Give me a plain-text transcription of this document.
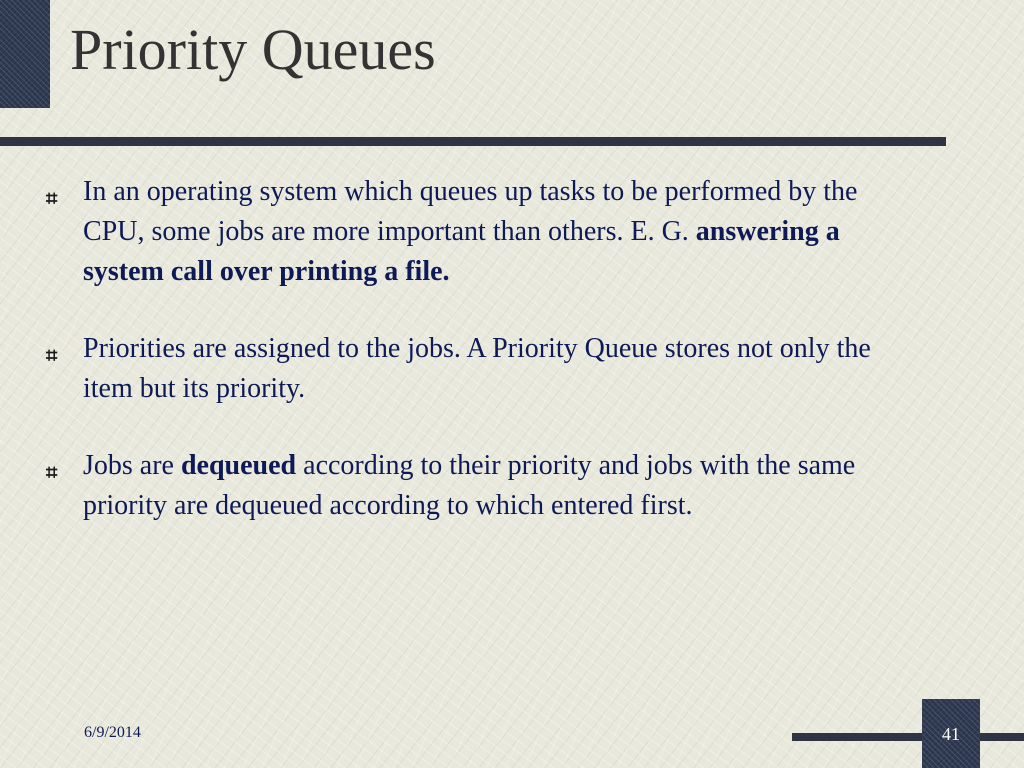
Priority Queues

⌗ In an operating system which queues up tasks to be performed by the CPU, some jobs are more important than others. E. G. answering a system call over printing a file.

⌗ Priorities are assigned to the jobs. A Priority Queue stores not only the item but its priority.

⌗ Jobs are dequeued according to their priority and jobs with the same priority are dequeued according to which entered first.

6/9/2014	41
